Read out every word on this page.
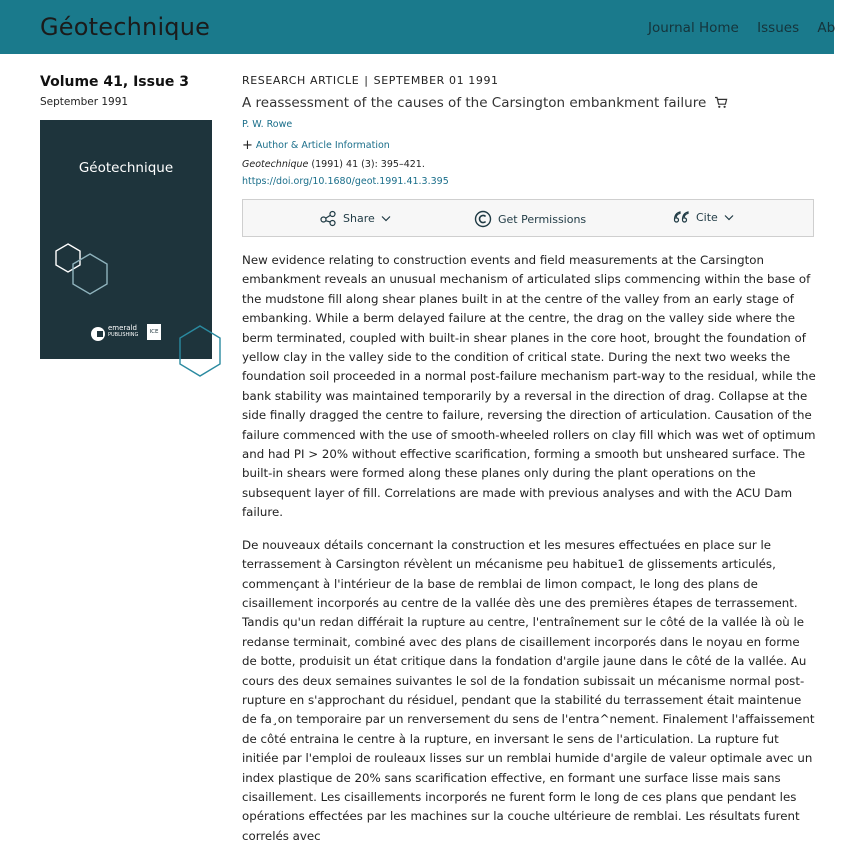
Géotechnique	Journal Home Issues Ab
Volume 41, Issue 3
September 1991
Géotechnique
emerald
PUBLISHING	ICE
RESEARCH ARTICLE | SEPTEMBER 01 1991
A reassessment of the causes of the Carsington embankment failure
P. W. Rowe
+ Author & Article Information
Geotechnique (1991) 41 (3): 395–421.
https://doi.org/10.1680/geot.1991.41.3.395
Share	Get Permissions	Cite

New evidence relating to construction events and field measurements at the Carsington embankment reveals an unusual mechanism of articulated slips commencing within the base of the mudstone fill along shear planes built in at the centre of the valley from an early stage of embanking. While a berm delayed failure at the centre, the drag on the valley side where the berm terminated, coupled with built-in shear planes in the core hoot, brought the foundation of yellow clay in the valley side to the condition of critical state. During the next two weeks the foundation soil proceeded in a normal post-failure mechanism part-way to the residual, while the bank stability was maintained temporarily by a reversal in the direction of drag. Collapse at the side finally dragged the centre to failure, reversing the direction of articulation. Causation of the failure commenced with the use of smooth-wheeled rollers on clay fill which was wet of optimum and had PI > 20% without effective scarification, forming a smooth but unsheared surface. The built-in shears were formed along these planes only during the plant operations on the subsequent layer of fill. Correlations are made with previous analyses and with the ACU Dam failure.

De nouveaux détails concernant la construction et les mesures effectuées en place sur le terrassement à Carsington révèlent un mécanisme peu habitue1 de glissements articulés, commençant à l'intérieur de la base de remblai de limon compact, le long des plans de cisaillement incorporés au centre de la vallée dès une des premières étapes de terrassement. Tandis qu'un redan différait la rupture au centre, l'entraînement sur le côté de la vallée là où le redanse terminait, combiné avec des plans de cisaillement incorporés dans le noyau en forme de botte, produisit un état critique dans la fondation d'argile jaune dans le côté de la vallée. Au cours des deux semaines suivantes le sol de la fondation subissait un mécanisme normal post-rupture en s'approchant du résiduel, pendant que la stabilité du terrassement était maintenue de fa¸on temporaire par un renversement du sens de l'entra^nement. Finalement l'affaissement de côté entraina le centre à la rupture, en inversant le sens de l'articulation. La rupture fut initiée par l'emploi de rouleaux lisses sur un remblai humide d'argile de valeur optimale avec un index plastique de 20% sans scarification effective, en formant une surface lisse mais sans cisaillement. Les cisaillements incorporés ne furent form le long de ces plans que pendant les opérations effectées par les machines sur la couche ultérieure de remblai. Les résultats furent correlés avec
